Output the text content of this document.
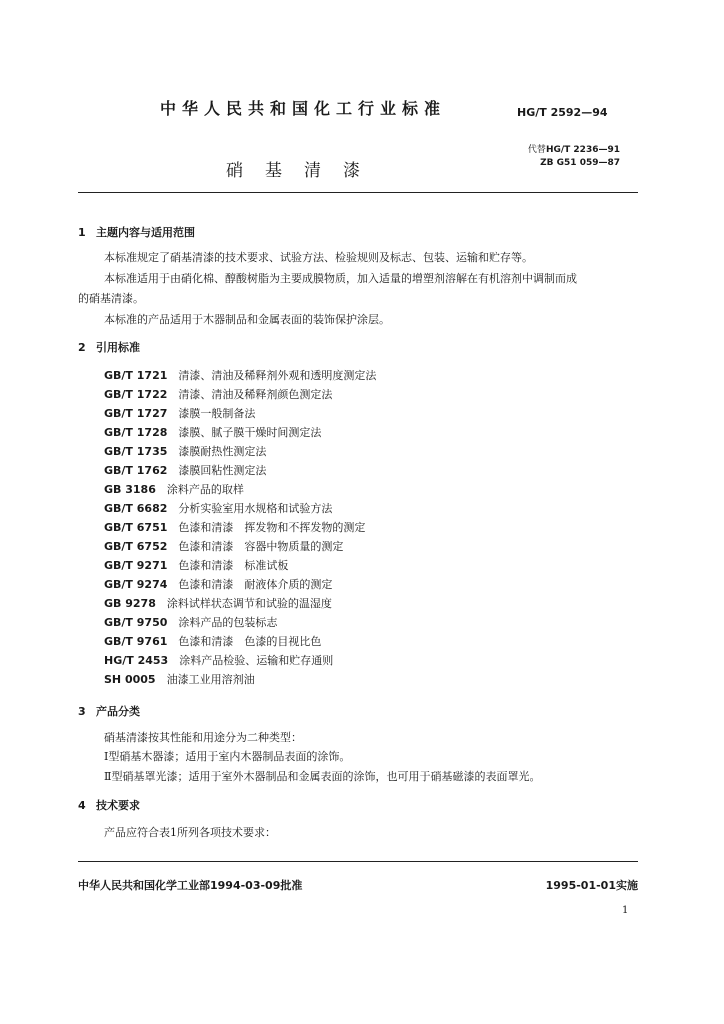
中华人民共和国化工行业标准	HG/T 2592—94
代替HG/T 2236—91
ZB G51 059—87
硝基清漆
1 主题内容与适用范围
本标准规定了硝基清漆的技术要求、试验方法、检验规则及标志、包装、运输和贮存等。
本标准适用于由硝化棉、醇酸树脂为主要成膜物质，加入适量的增塑剂溶解在有机溶剂中调制而成
的硝基清漆。
本标准的产品适用于木器制品和金属表面的装饰保护涂层。
2 引用标准
GB/T 1721　 清漆、清油及稀释剂外观和透明度测定法
GB/T 1722　 清漆、清油及稀释剂颜色测定法
GB/T 1727　 漆膜一般制备法
GB/T 1728　 漆膜、腻子膜干燥时间测定法
GB/T 1735　 漆膜耐热性测定法
GB/T 1762　 漆膜回粘性测定法
GB 3186　 涂料产品的取样
GB/T 6682　 分析实验室用水规格和试验方法
GB/T 6751　 色漆和清漆　挥发物和不挥发物的测定
GB/T 6752　 色漆和清漆　容器中物质量的测定
GB/T 9271　 色漆和清漆　标准试板
GB/T 9274　 色漆和清漆　耐液体介质的测定
GB 9278　 涂料试样状态调节和试验的温湿度
GB/T 9750　 涂料产品的包装标志
GB/T 9761　 色漆和清漆　色漆的目视比色
HG/T 2453　 涂料产品检验、运输和贮存通则
SH 0005　 油漆工业用溶剂油
3 产品分类
硝基清漆按其性能和用途分为二种类型：
Ⅰ型硝基木器漆；适用于室内木器制品表面的涂饰。
Ⅱ型硝基罩光漆；适用于室外木器制品和金属表面的涂饰，也可用于硝基磁漆的表面罩光。
4 技术要求
产品应符合表1所列各项技术要求：
中华人民共和国化学工业部1994-03-09批准	1995-01-01实施
1
